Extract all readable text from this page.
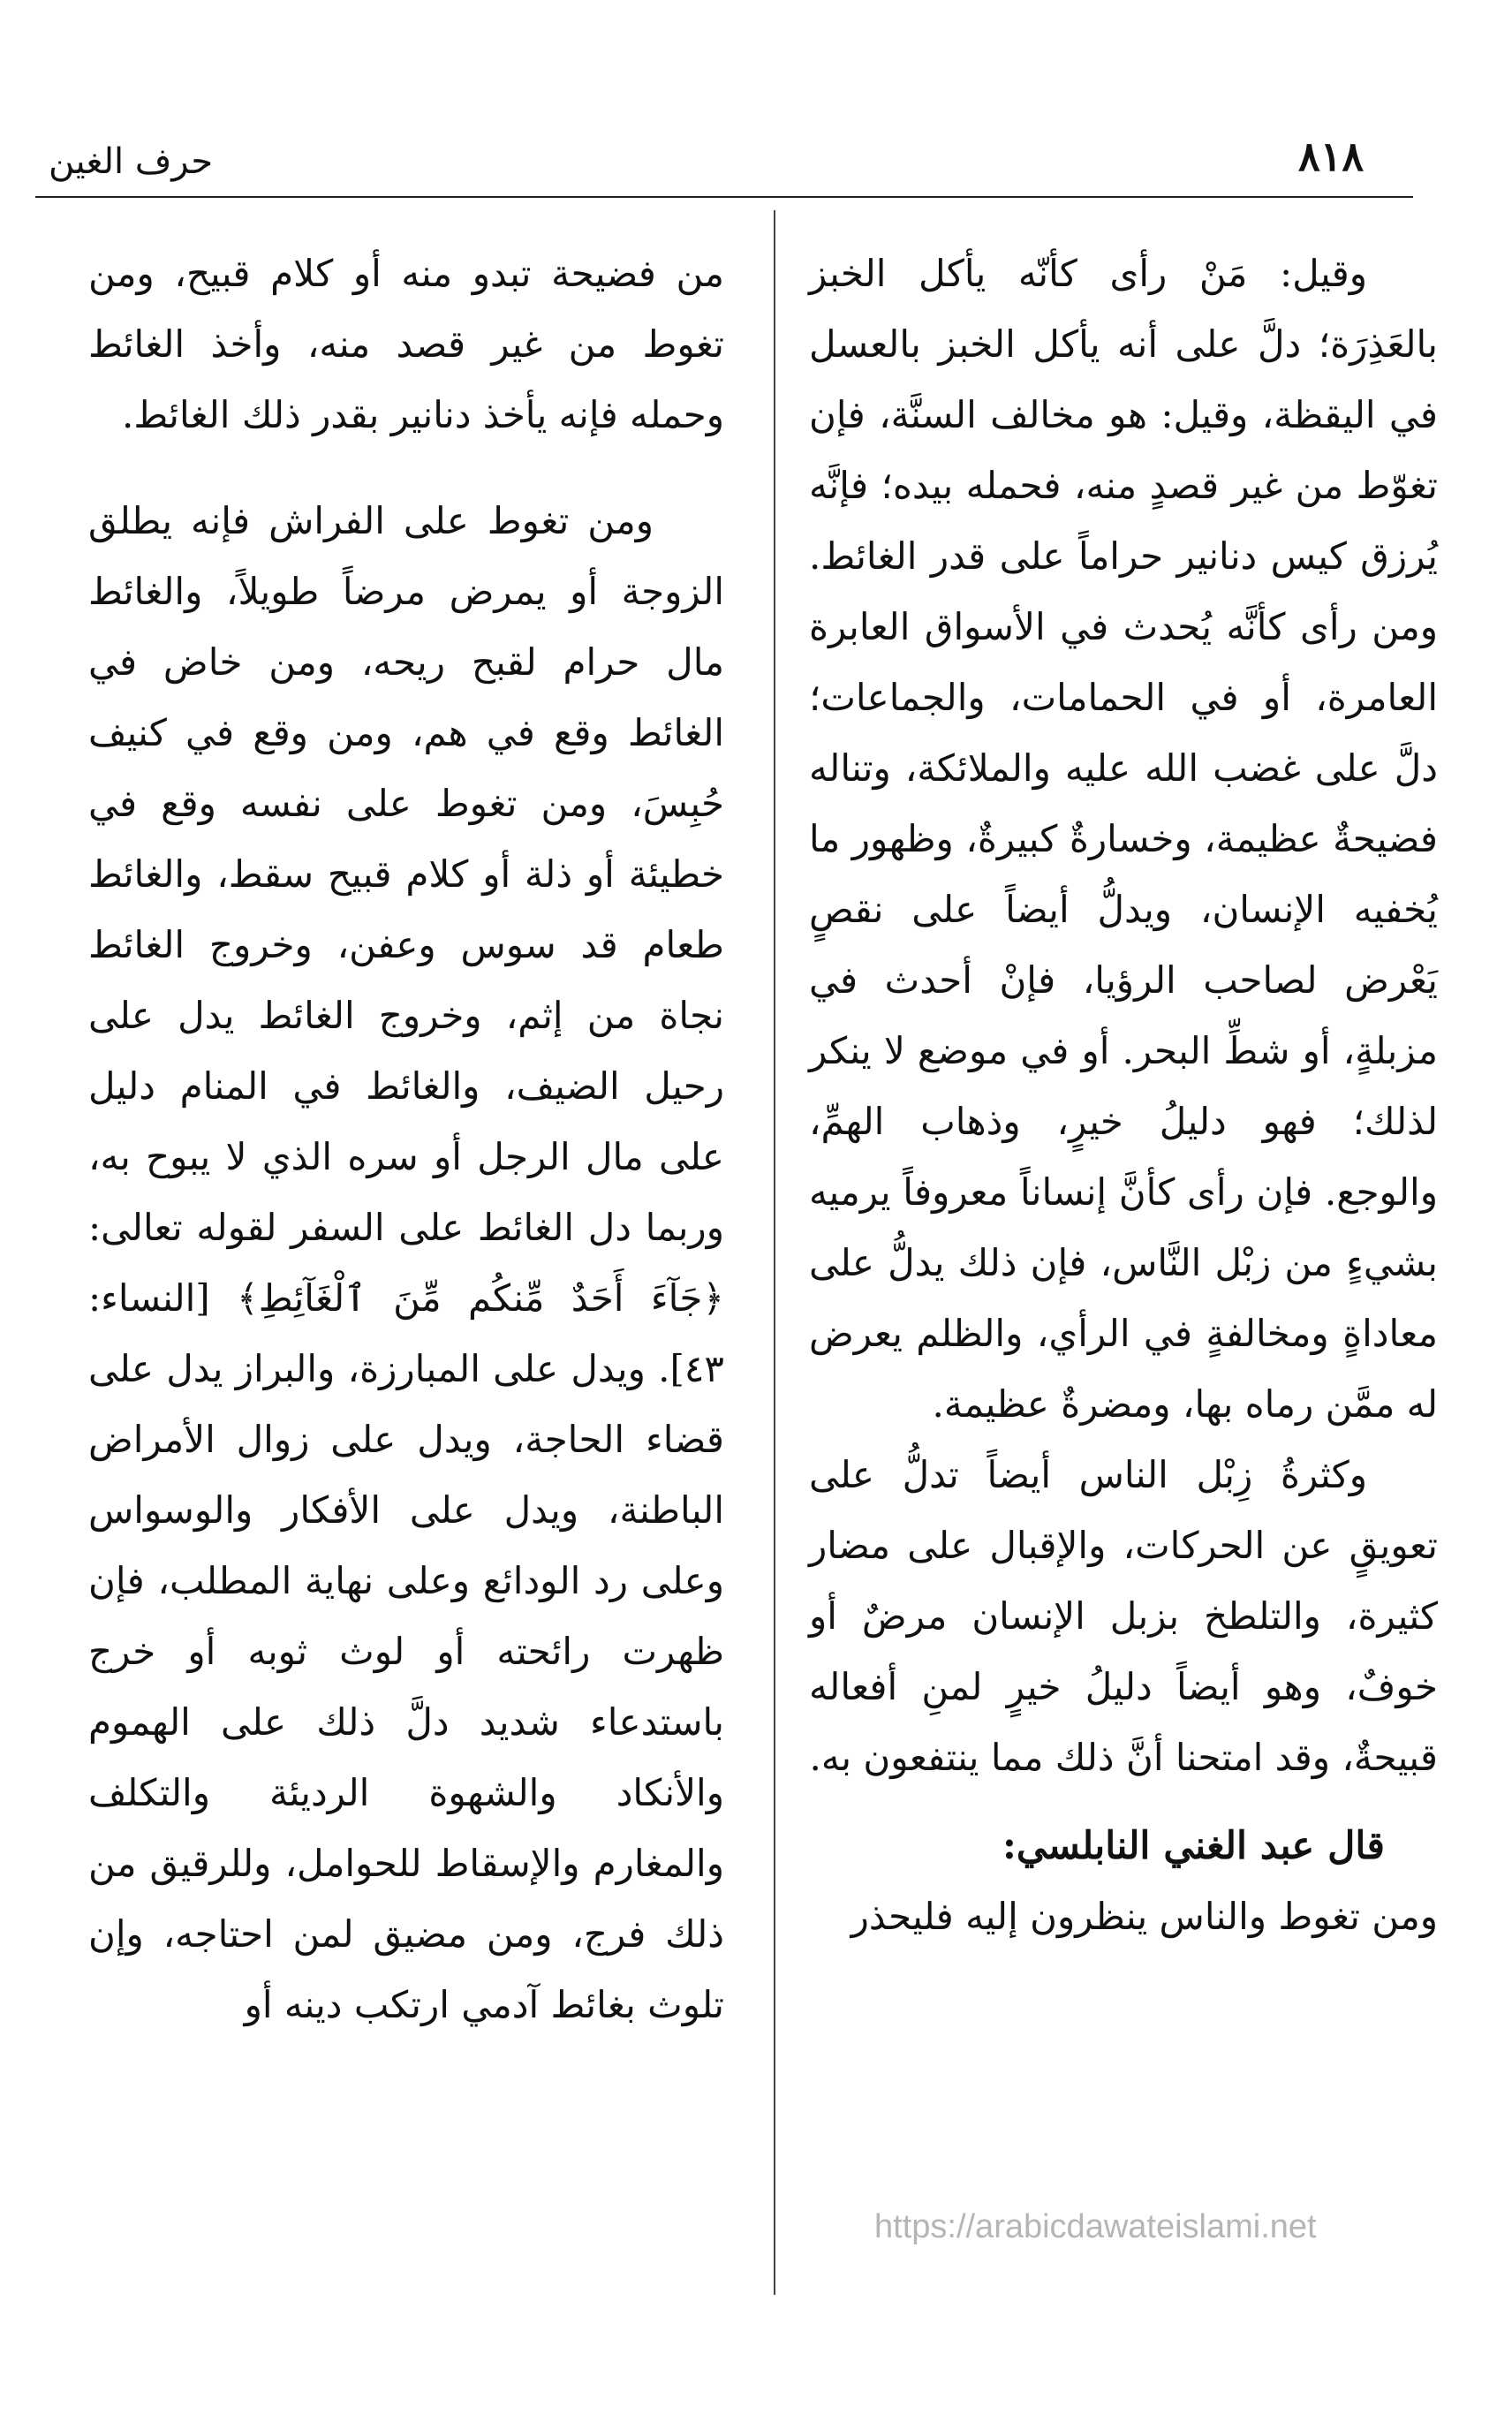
٨١٨
حرف الغين

وقيل: مَنْ رأى كأنّه يأكل الخبز بالعَذِرَة؛ دلَّ على أنه يأكل الخبز بالعسل في اليقظة، وقيل: هو مخالف السنَّة، فإن تغوّط من غير قصدٍ منه، فحمله بيده؛ فإنَّه يُرزق كيس دنانير حراماً على قدر الغائط. ومن رأى كأنَّه يُحدث في الأسواق العابرة العامرة، أو في الحمامات، والجماعات؛ دلَّ على غضب الله عليه والملائكة، وتناله فضيحةٌ عظيمة، وخسارةٌ كبيرةٌ، وظهور ما يُخفيه الإنسان، ويدلُّ أيضاً على نقصٍ يَعْرض لصاحب الرؤيا، فإنْ أحدث في مزبلةٍ، أو شطِّ البحر. أو في موضع لا ينكر لذلك؛ فهو دليلُ خيرٍ، وذهاب الهمِّ، والوجع. فإن رأى كأنَّ إنساناً معروفاً يرميه بشيءٍ من زبْل النَّاس، فإن ذلك يدلُّ على معاداةٍ ومخالفةٍ في الرأي، والظلم يعرض له ممَّن رماه بها، ومضرةٌ عظيمة.

وكثرةُ زِبْل الناس أيضاً تدلُّ على تعويقٍ عن الحركات، والإقبال على مضار كثيرة، والتلطخ بزبل الإنسان مرضٌ أو خوفٌ، وهو أيضاً دليلُ خيرٍ لمنِ أفعاله قبيحةٌ، وقد امتحنا أنَّ ذلك مما ينتفعون به.

قال عبد الغني النابلسي:

ومن تغوط والناس ينظرون إليه فليحذر

من فضيحة تبدو منه أو كلام قبيح، ومن تغوط من غير قصد منه، وأخذ الغائط وحمله فإنه يأخذ دنانير بقدر ذلك الغائط.

ومن تغوط على الفراش فإنه يطلق الزوجة أو يمرض مرضاً طويلاً، والغائط مال حرام لقبح ريحه، ومن خاض في الغائط وقع في هم، ومن وقع في كنيف حُبِسَ، ومن تغوط على نفسه وقع في خطيئة أو ذلة أو كلام قبيح سقط، والغائط طعام قد سوس وعفن، وخروج الغائط نجاة من إثم، وخروج الغائط يدل على رحيل الضيف، والغائط في المنام دليل على مال الرجل أو سره الذي لا يبوح به، وربما دل الغائط على السفر لقوله تعالى: ﴿جَآءَ أَحَدٌ مِّنكُم مِّنَ ٱلْغَآئِطِ﴾ [النساء: ٤٣]. ويدل على المبارزة، والبراز يدل على قضاء الحاجة، ويدل على زوال الأمراض الباطنة، ويدل على الأفكار والوسواس وعلى رد الودائع وعلى نهاية المطلب، فإن ظهرت رائحته أو لوث ثوبه أو خرج باستدعاء شديد دلَّ ذلك على الهموم والأنكاد والشهوة الرديئة والتكلف والمغارم والإسقاط للحوامل، وللرقيق من ذلك فرج، ومن مضيق لمن احتاجه، وإن تلوث بغائط آدمي ارتكب دينه أو

https://arabicdawateislami.net
